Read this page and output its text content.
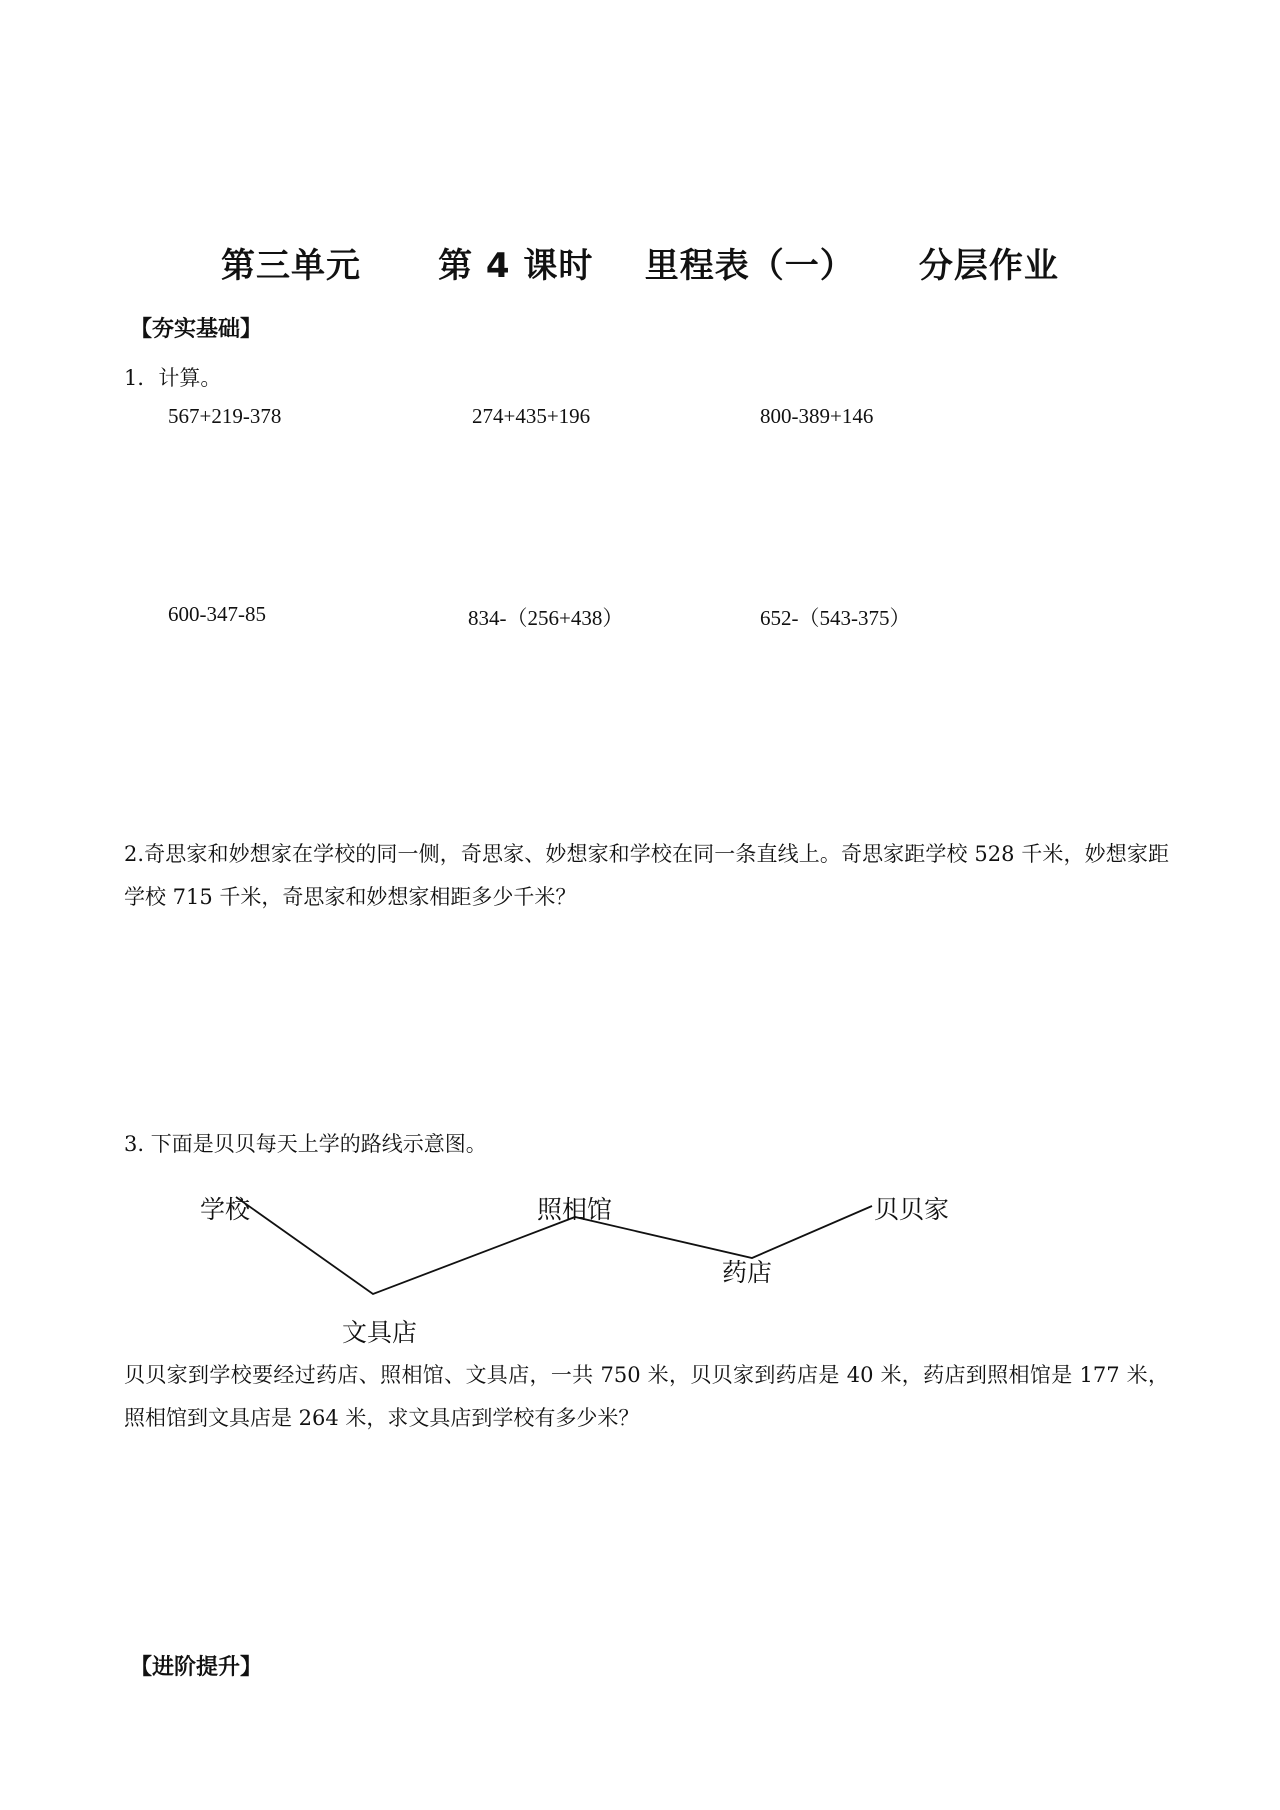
第三单元      第 4 课时    里程表（一）     分层作业
【夯实基础】
1．计算。
567+219-378	274+435+196	800-389+146
600-347-85	834-（256+438）	652-（543-375）
2.奇思家和妙想家在学校的同一侧，奇思家、妙想家和学校在同一条直线上。奇思家距学校 528 千米，妙想家距学校 715 千米，奇思家和妙想家相距多少千米？
3. 下面是贝贝每天上学的路线示意图。
学校
文具店
照相馆
药店
贝贝家
贝贝家到学校要经过药店、照相馆、文具店，一共 750 米，贝贝家到药店是 40 米，药店到照相馆是 177 米，照相馆到文具店是 264 米，求文具店到学校有多少米？
【进阶提升】
